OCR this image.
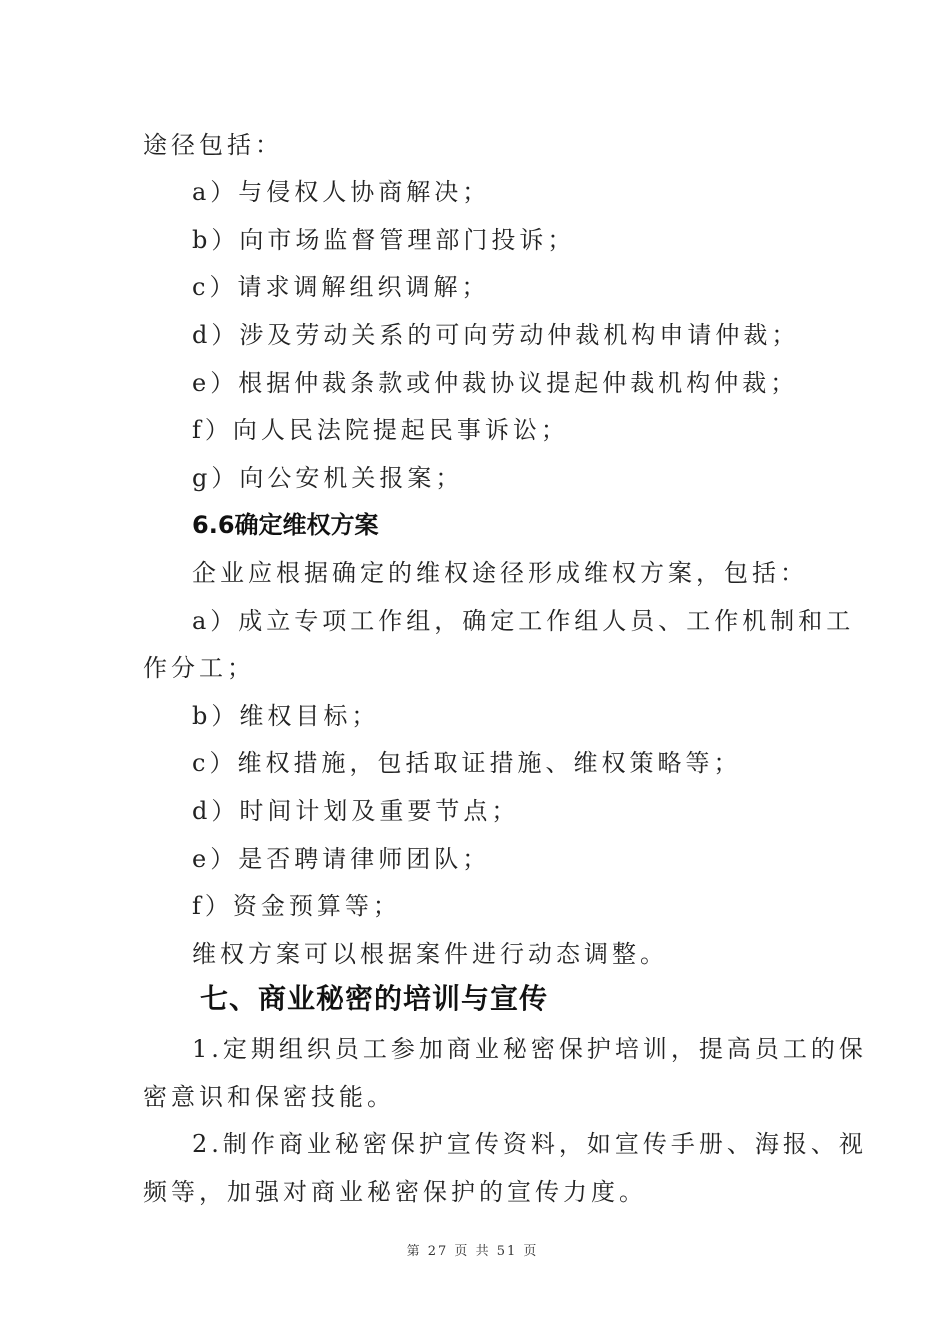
途径包括：
a）与侵权人协商解决；
b）向市场监督管理部门投诉；
c）请求调解组织调解；
d）涉及劳动关系的可向劳动仲裁机构申请仲裁；
e）根据仲裁条款或仲裁协议提起仲裁机构仲裁；
f）向人民法院提起民事诉讼；
g）向公安机关报案；
6.6确定维权方案
企业应根据确定的维权途径形成维权方案，包括：
a）成立专项工作组，确定工作组人员、工作机制和工
作分工；
b）维权目标；
c）维权措施，包括取证措施、维权策略等；
d）时间计划及重要节点；
e）是否聘请律师团队；
f）资金预算等；
维权方案可以根据案件进行动态调整。
七、商业秘密的培训与宣传
1.定期组织员工参加商业秘密保护培训，提高员工的保
密意识和保密技能。
2.制作商业秘密保护宣传资料，如宣传手册、海报、视
频等，加强对商业秘密保护的宣传力度。
第 27 页 共 51 页
